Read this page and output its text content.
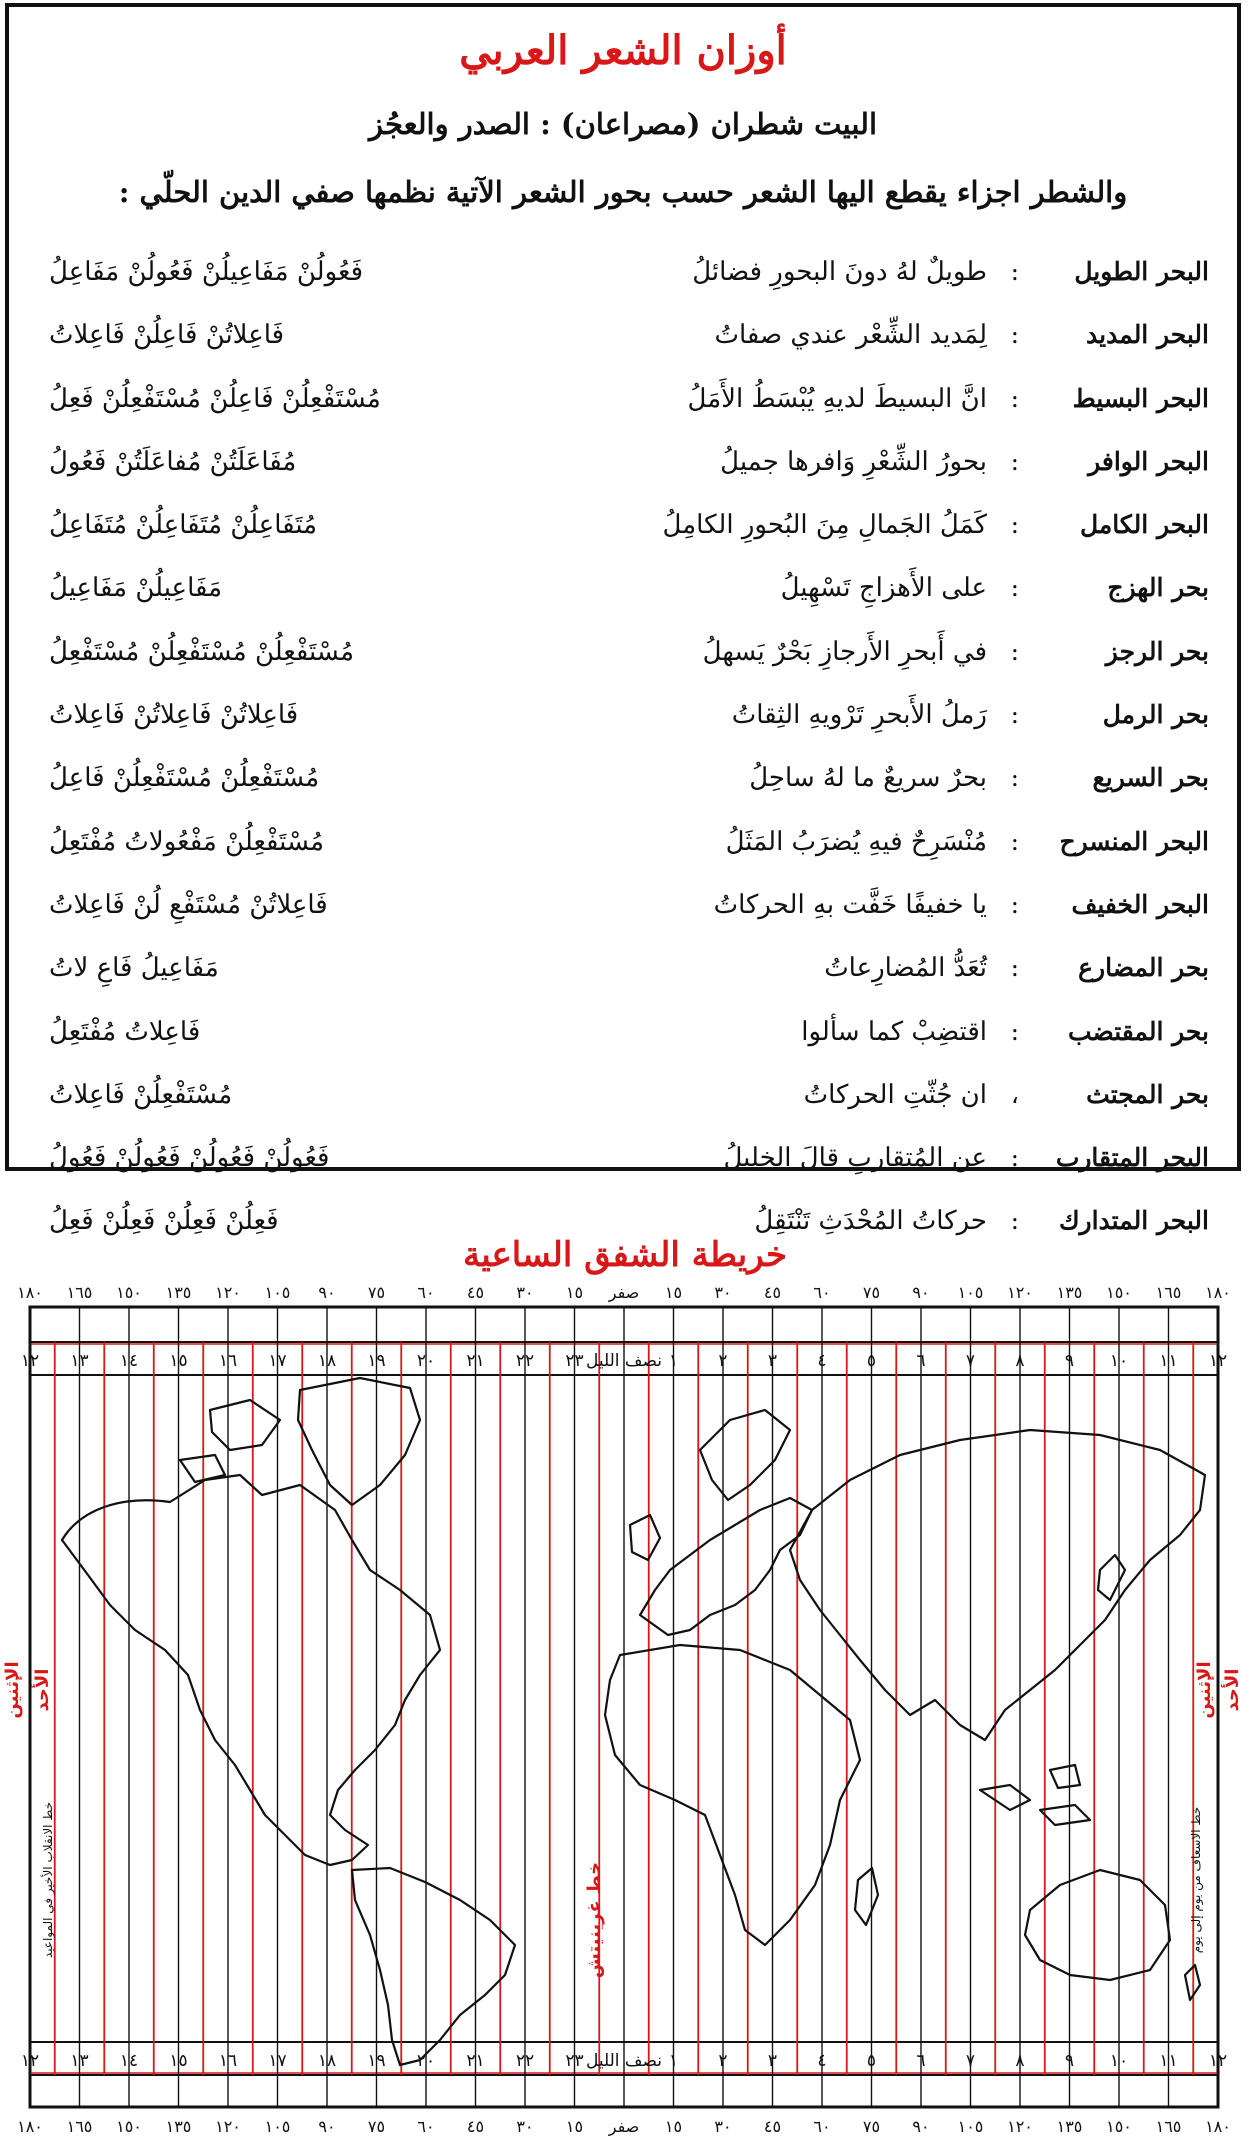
أوزان الشعر العربي
البيت شطران (مصراعان) : الصدر والعجُز
والشطر اجزاء يقطع اليها الشعر حسب بحور الشعر الآتية نظمها صفي الدين الحلّي :
البحر الطويل
:
طويلٌ لهُ دونَ البحورِ فضائلُ
فَعُولُنْ مَفَاعِيلُنْ فَعُولُنْ مَفَاعِلُ
البحر المديد
:
لِمَديد الشِّعْر عندي صفاتُ
فَاعِلاتُنْ فَاعِلُنْ فَاعِلاتُ
البحر البسيط
:
انَّ البسيطَ لديهِ يُبْسَطُ الأَمَلُ
مُسْتَفْعِلُنْ فَاعِلُنْ مُسْتَفْعِلُنْ فَعِلُ
البحر الوافر
:
بحورُ الشِّعْرِ وَافرها جميلُ
مُفَاعَلَتُنْ مُفاعَلَتُنْ فَعُولُ
البحر الكامل
:
كَمَلُ الجَمالِ مِنَ البُحورِ الكامِلُ
مُتَفَاعِلُنْ مُتَفَاعِلُنْ مُتَفَاعِلُ
بحر الهزج
:
على الأَهزاجِ تَسْهِيلُ
مَفَاعِيلُنْ مَفَاعِيلُ
بحر الرجز
:
في أَبحرِ الأَرجازِ بَحْرٌ يَسهلُ
مُسْتَفْعِلُنْ مُسْتَفْعِلُنْ مُسْتَفْعِلُ
بحر الرمل
:
رَملُ الأَبحرِ تَرْويهِ الثِقاتُ
فَاعِلاتُنْ فَاعِلاتُنْ فَاعِلاتُ
بحر السريع
:
بحرٌ سريعٌ ما لهُ ساحِلُ
مُسْتَفْعِلُنْ مُسْتَفْعِلُنْ فَاعِلُ
البحر المنسرح
:
مُنْسَرِحٌ فيهِ يُضرَبُ المَثَلُ
مُسْتَفْعِلُنْ مَفْعُولاتُ مُفْتَعِلُ
البحر الخفيف
:
يا خفيفًا خَفَّت بهِ الحركاتُ
فَاعِلاتُنْ مُسْتَفْعِ لُنْ فَاعِلاتُ
بحر المضارع
:
تُعَدُّ المُضارِعاتُ
مَفَاعِيلُ فَاعِ لاتُ
بحر المقتضب
:
اقتضِبْ كما سألوا
فَاعِلاتُ مُفْتَعِلُ
بحر المجتث
،
ان جُثّتِ الحركاتُ
مُسْتَفْعِلُنْ فَاعِلاتُ
البحر المتقارب
:
عن المُتقاربِ قالَ الخليلُ
فَعُولُنْ فَعُولُنْ فَعُولُنْ فَعُولُ
البحر المتدارك
:
حركاتُ المُحْدَثِ تَنْتَقِلُ
فَعِلُنْ فَعِلُنْ فَعِلُنْ فَعِلُ
خريطة الشفق الساعية
١٨٠ ١٦٥ ١٥٠ ١٣٥ ١٢٠ ١٠٥ ٩٠ ٧٥ ٦٠ ٤٥ ٣٠ ١٥ صفر ١٥ ٣٠ ٤٥ ٦٠ ٧٥ ٩٠ ١٠٥ ١٢٠ ١٣٥ ١٥٠ ١٦٥ ١٨٠
١٨٠ ١٦٥ ١٥٠ ١٣٥ ١٢٠ ١٠٥ ٩٠ ٧٥ ٦٠ ٤٥ ٣٠ ١٥ صفر ١٥ ٣٠ ٤٥ ٦٠ ٧٥ ٩٠ ١٠٥ ١٢٠ ١٣٥ ١٥٠ ١٦٥ ١٨٠
١٢ ١٣ ١٤ ١٥ ١٦ ١٧ ١٨ ١٩ ٢٠ ٢١ ٢٢ ٢٣ نصف الليل ١ ٢ ٣ ٤ ٥ ٦ ٧ ٨ ٩ ١٠ ١١ ١٢
١٢ ١٣ ١٤ ١٥ ١٦ ١٧ ١٨ ١٩ ٢٠ ٢١ ٢٢ ٢٣ نصف الليل ١ ٢ ٣ ٤ ٥ ٦ ٧ ٨ ٩ ١٠ ١١ ١٢
الإثنين الأحد
خط الانقلاب الأخير في المواعيد
الإثنين الأحد
خط الاسعاف من يوم إلى يوم
خط غرينيتش
